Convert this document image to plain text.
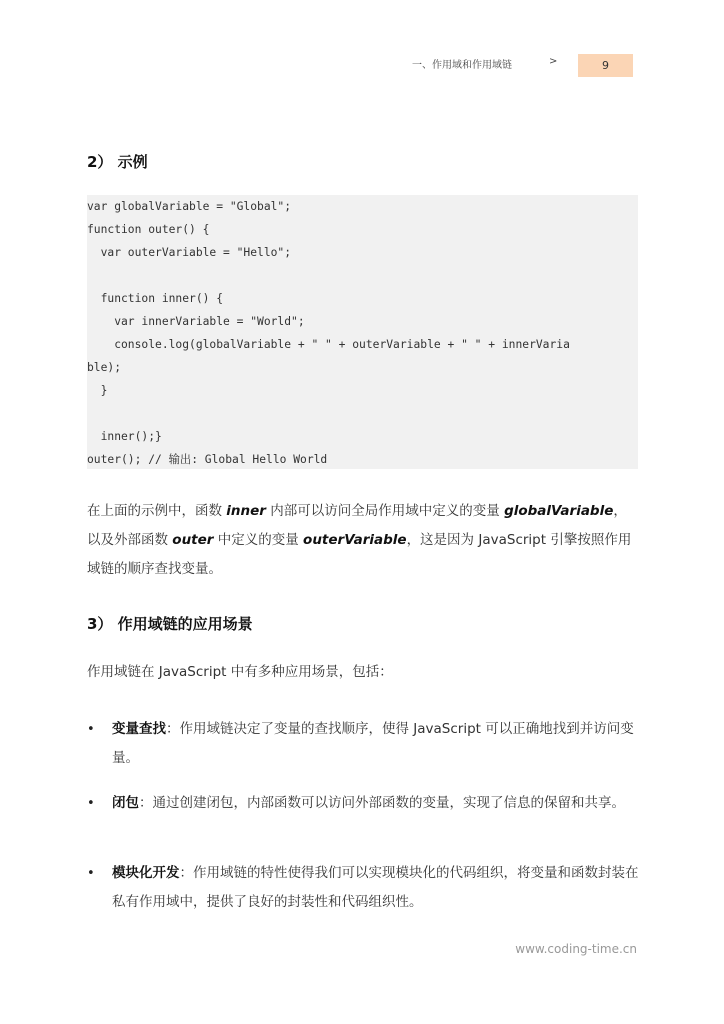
一、作用域和作用域链	>	9
2） 示例
var globalVariable = "Global";
function outer() {
var outerVariable = "Hello";
function inner() {
var innerVariable = "World";
console.log(globalVariable + " " + outerVariable + " " + innerVaria
ble);
}
inner();}
outer(); // 输出: Global Hello World
在上面的示例中，函数 inner 内部可以访问全局作用域中定义的变量 globalVariable，以及外部函数 outer 中定义的变量 outerVariable，这是因为 JavaScript 引擎按照作用域链的顺序查找变量。
3） 作用域链的应用场景
作用域链在 JavaScript 中有多种应用场景，包括：
• 变量查找：作用域链决定了变量的查找顺序，使得 JavaScript 可以正确地找到并访问变量。
• 闭包：通过创建闭包，内部函数可以访问外部函数的变量，实现了信息的保留和共享。
• 模块化开发：作用域链的特性使得我们可以实现模块化的代码组织，将变量和函数封装在私有作用域中，提供了良好的封装性和代码组织性。
www.coding-time.cn
